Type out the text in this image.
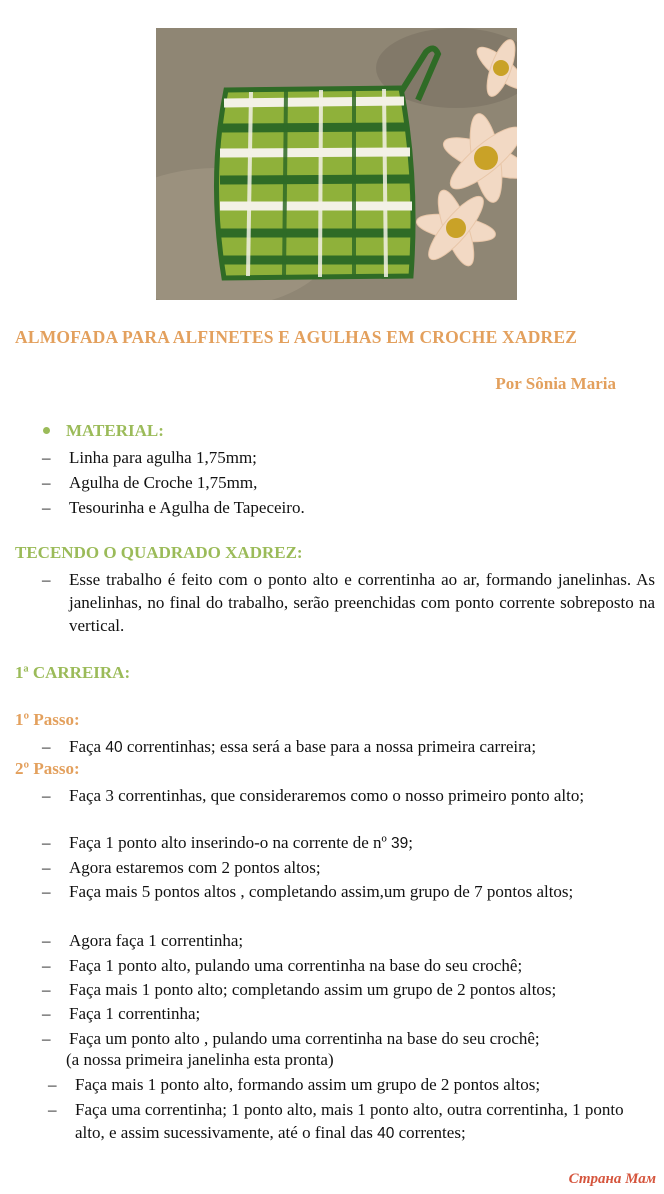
ALMOFADA PARA ALFINETES E AGULHAS EM CROCHE XADREZ

Por Sônia Maria

MATERIAL:
– Linha para agulha 1,75mm;
– Agulha de Croche 1,75mm,
– Tesourinha e Agulha de Tapeceiro.

TECENDO O QUADRADO XADREZ:

– Esse trabalho é feito com o ponto alto e correntinha ao ar, formando janelinhas. As janelinhas, no final do trabalho, serão preenchidas com ponto corrente sobreposto na vertical.

1ª CARREIRA:

1º Passo:

– Faça 40 correntinhas; essa será a base para a nossa primeira carreira;

2º Passo:

– Faça 3 correntinhas, que consideraremos como o nosso primeiro ponto alto;
– Faça 1 ponto alto inserindo-o na corrente de nº 39;
– Agora estaremos com 2 pontos altos;
– Faça mais 5 pontos altos , completando assim,um grupo de 7 pontos altos;
– Agora faça 1 correntinha;
– Faça 1 ponto alto, pulando uma correntinha na base do seu crochê;
– Faça mais 1 ponto alto; completando assim um grupo de 2 pontos altos;
– Faça 1 correntinha;
– Faça um ponto alto , pulando uma correntinha na base do seu crochê;
(a nossa primeira janelinha esta pronta)
– Faça mais 1 ponto alto, formando assim um grupo de 2 pontos altos;
– Faça uma correntinha; 1 ponto alto, mais 1 ponto alto, outra correntinha, 1 ponto alto, e assim sucessivamente, até o final das 40 correntes;
Страна Мам
